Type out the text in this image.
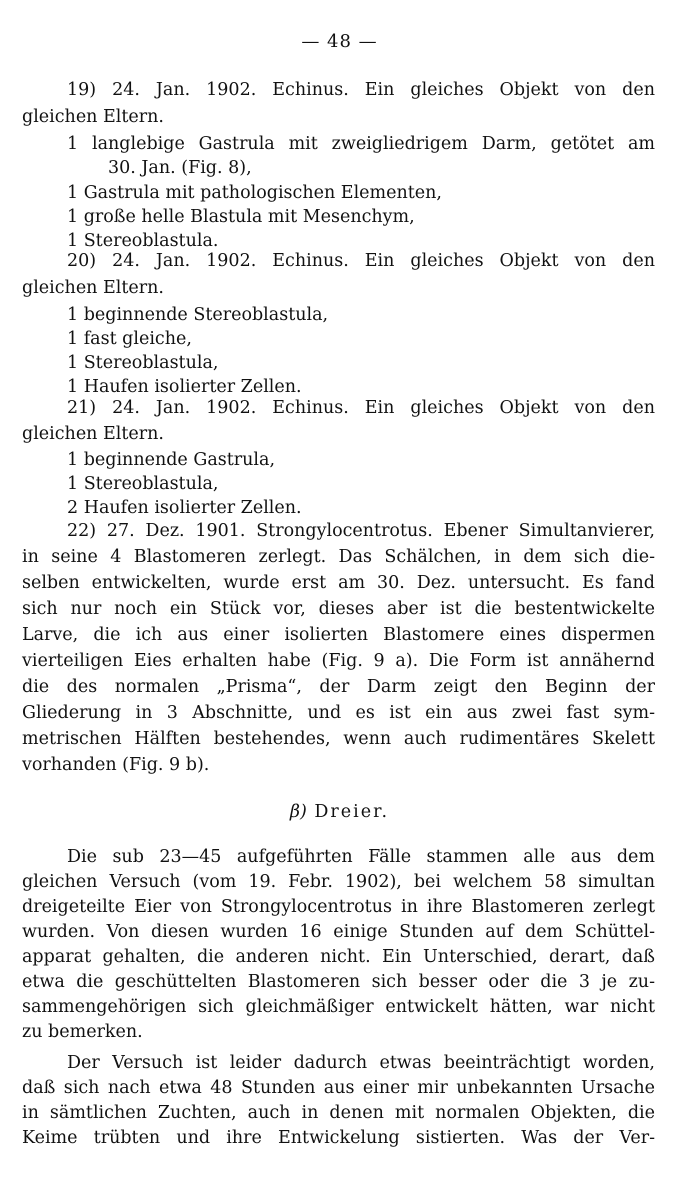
— 48 —
19) 24. Jan. 1902. Echinus. Ein gleiches Objekt von den
gleichen Eltern.
1 langlebige Gastrula mit zweigliedrigem Darm, getötet am
30. Jan. (Fig. 8),
1 Gastrula mit pathologischen Elementen,
1 große helle Blastula mit Mesenchym,
1 Stereoblastula.
20) 24. Jan. 1902. Echinus. Ein gleiches Objekt von den
gleichen Eltern.
1 beginnende Stereoblastula,
1 fast gleiche,
1 Stereoblastula,
1 Haufen isolierter Zellen.
21) 24. Jan. 1902. Echinus. Ein gleiches Objekt von den
gleichen Eltern.
1 beginnende Gastrula,
1 Stereoblastula,
2 Haufen isolierter Zellen.
22) 27. Dez. 1901. Strongylocentrotus. Ebener Simultanvierer,
in seine 4 Blastomeren zerlegt. Das Schälchen, in dem sich die-
selben entwickelten, wurde erst am 30. Dez. untersucht. Es fand
sich nur noch ein Stück vor, dieses aber ist die bestentwickelte
Larve, die ich aus einer isolierten Blastomere eines dispermen
vierteiligen Eies erhalten habe (Fig. 9 a). Die Form ist annähernd
die des normalen „Prisma“, der Darm zeigt den Beginn der
Gliederung in 3 Abschnitte, und es ist ein aus zwei fast sym-
metrischen Hälften bestehendes, wenn auch rudimentäres Skelett
vorhanden (Fig. 9 b).
Die sub 23—45 aufgeführten Fälle stammen alle aus dem
gleichen Versuch (vom 19. Febr. 1902), bei welchem 58 simultan
dreigeteilte Eier von Strongylocentrotus in ihre Blastomeren zerlegt
wurden. Von diesen wurden 16 einige Stunden auf dem Schüttel-
apparat gehalten, die anderen nicht. Ein Unterschied, derart, daß
etwa die geschüttelten Blastomeren sich besser oder die 3 je zu-
sammengehörigen sich gleichmäßiger entwickelt hätten, war nicht
zu bemerken.
Der Versuch ist leider dadurch etwas beeinträchtigt worden,
daß sich nach etwa 48 Stunden aus einer mir unbekannten Ursache
in sämtlichen Zuchten, auch in denen mit normalen Objekten, die
Keime trübten und ihre Entwickelung sistierten. Was der Ver-
β) Dreier.
